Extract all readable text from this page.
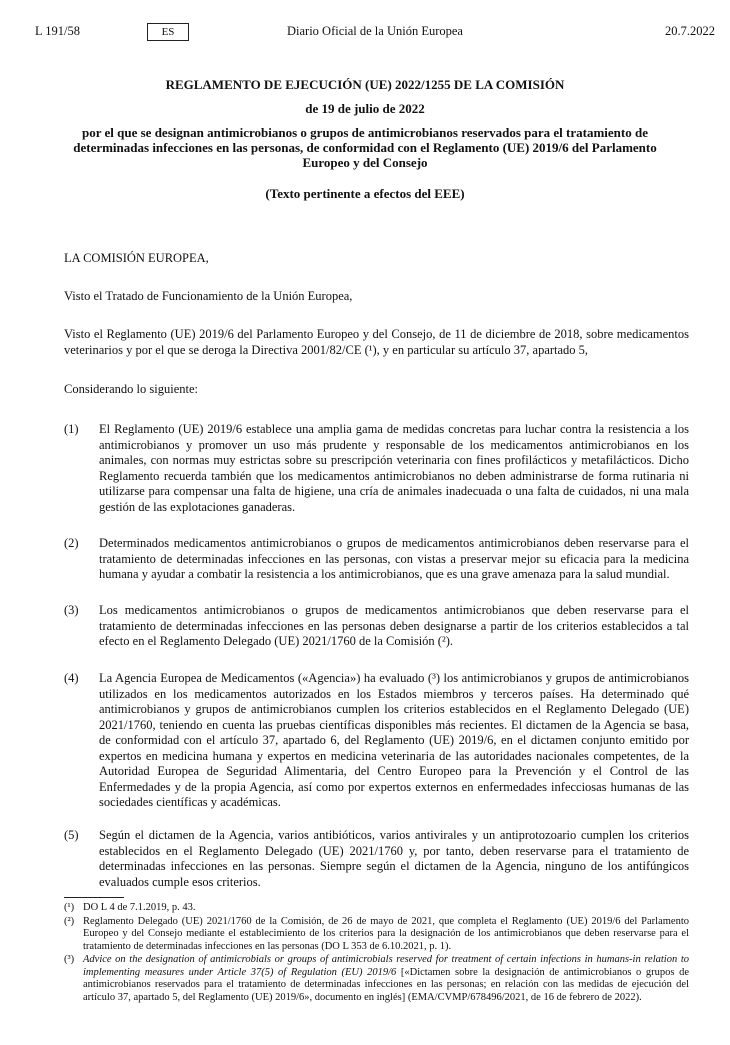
Diario Oficial de la Unión Europea
L 191/58	ES	20.7.2022
REGLAMENTO DE EJECUCIÓN (UE) 2022/1255 DE LA COMISIÓN
de 19 de julio de 2022
por el que se designan antimicrobianos o grupos de antimicrobianos reservados para el tratamiento de determinadas infecciones en las personas, de conformidad con el Reglamento (UE) 2019/6 del Parlamento Europeo y del Consejo
(Texto pertinente a efectos del EEE)
LA COMISIÓN EUROPEA,
Visto el Tratado de Funcionamiento de la Unión Europea,
Visto el Reglamento (UE) 2019/6 del Parlamento Europeo y del Consejo, de 11 de diciembre de 2018, sobre medicamentos veterinarios y por el que se deroga la Directiva 2001/82/CE (¹), y en particular su artículo 37, apartado 5,
Considerando lo siguiente:
(1) El Reglamento (UE) 2019/6 establece una amplia gama de medidas concretas para luchar contra la resistencia a los antimicrobianos y promover un uso más prudente y responsable de los medicamentos antimicrobianos en los animales, con normas muy estrictas sobre su prescripción veterinaria con fines profilácticos y metafilácticos. Dicho Reglamento recuerda también que los medicamentos antimicrobianos no deben administrarse de forma rutinaria ni utilizarse para compensar una falta de higiene, una cría de animales inadecuada o una falta de cuidados, ni una mala gestión de las explotaciones ganaderas.
(2) Determinados medicamentos antimicrobianos o grupos de medicamentos antimicrobianos deben reservarse para el tratamiento de determinadas infecciones en las personas, con vistas a preservar mejor su eficacia para la medicina humana y ayudar a combatir la resistencia a los antimicrobianos, que es una grave amenaza para la salud mundial.
(3) Los medicamentos antimicrobianos o grupos de medicamentos antimicrobianos que deben reservarse para el tratamiento de determinadas infecciones en las personas deben designarse a partir de los criterios establecidos a tal efecto en el Reglamento Delegado (UE) 2021/1760 de la Comisión (²).
(4) La Agencia Europea de Medicamentos («Agencia») ha evaluado (³) los antimicrobianos y grupos de antimicrobianos utilizados en los medicamentos autorizados en los Estados miembros y terceros países. Ha determinado qué antimicrobianos y grupos de antimicrobianos cumplen los criterios establecidos en el Reglamento Delegado (UE) 2021/1760, teniendo en cuenta las pruebas científicas disponibles más recientes. El dictamen de la Agencia se basa, de conformidad con el artículo 37, apartado 6, del Reglamento (UE) 2019/6, en el dictamen conjunto emitido por expertos en medicina humana y expertos en medicina veterinaria de las autoridades nacionales competentes, de la Autoridad Europea de Seguridad Alimentaria, del Centro Europeo para la Prevención y el Control de las Enfermedades y de la propia Agencia, así como por expertos externos en enfermedades infecciosas humanas de las sociedades científicas y académicas.
(5) Según el dictamen de la Agencia, varios antibióticos, varios antivirales y un antiprotozoario cumplen los criterios establecidos en el Reglamento Delegado (UE) 2021/1760 y, por tanto, deben reservarse para el tratamiento de determinadas infecciones en las personas. Siempre según el dictamen de la Agencia, ninguno de los antifúngicos evaluados cumple esos criterios.
(¹) DO L 4 de 7.1.2019, p. 43.
(²) Reglamento Delegado (UE) 2021/1760 de la Comisión, de 26 de mayo de 2021, que completa el Reglamento (UE) 2019/6 del Parlamento Europeo y del Consejo mediante el establecimiento de los criterios para la designación de los antimicrobianos que deben reservarse para el tratamiento de determinadas infecciones en las personas (DO L 353 de 6.10.2021, p. 1).
(³) Advice on the designation of antimicrobials or groups of antimicrobials reserved for treatment of certain infections in humans-in relation to implementing measures under Article 37(5) of Regulation (EU) 2019/6 [«Dictamen sobre la designación de antimicrobianos o grupos de antimicrobianos reservados para el tratamiento de determinadas infecciones en las personas; en relación con las medidas de ejecución del artículo 37, apartado 5, del Reglamento (UE) 2019/6», documento en inglés] (EMA/CVMP/678496/2021, de 16 de febrero de 2022).
